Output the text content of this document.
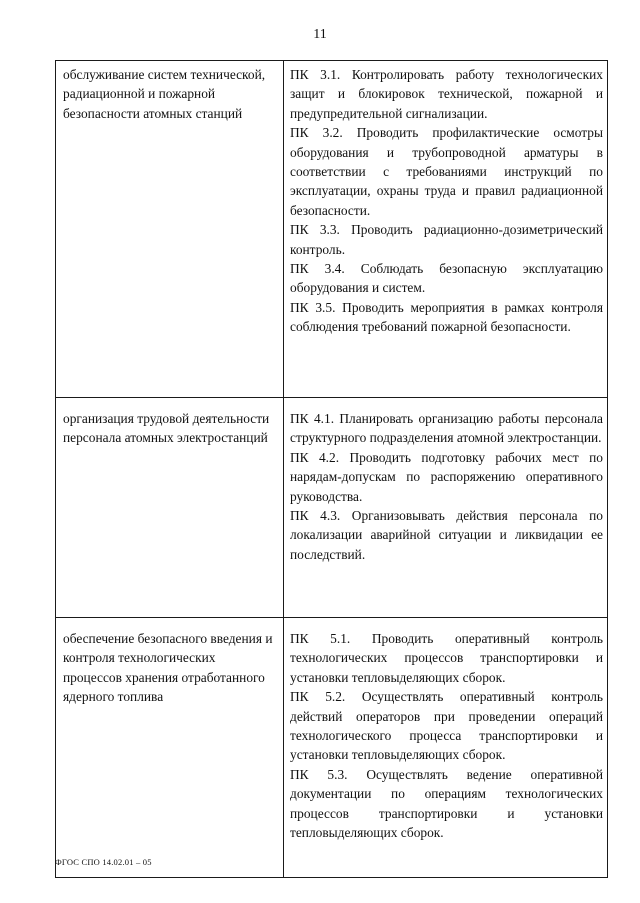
11
обслуживание систем технической, радиационной и пожарной безопасности атомных станций	ПК 3.1. Контролировать работу технологических защит и блокировок технической, пожарной и предупредительной сигнализации.

ПК 3.2. Проводить профилактические осмотры оборудования и трубопроводной арматуры в соответствии с требованиями инструкций по эксплуатации, охраны труда и правил радиационной безопасности.

ПК 3.3. Проводить радиационно-дозиметрический контроль.

ПК 3.4. Соблюдать безопасную эксплуатацию оборудования и систем.

ПК 3.5. Проводить мероприятия в рамках контроля соблюдения требований пожарной безопасности.

организация трудовой деятельности персонала атомных электростанций	ПК 4.1. Планировать организацию работы персонала структурного подразделения атомной электростанции.

ПК 4.2. Проводить подготовку рабочих мест по нарядам-допускам по распоряжению оперативного руководства.

ПК 4.3. Организовывать действия персонала по локализации аварийной ситуации и ликвидации ее последствий.

обеспечение безопасного введения и контроля технологических процессов хранения отработанного ядерного топлива	ПК 5.1. Проводить оперативный контроль технологических процессов транспортировки и установки тепловыделяющих сборок.

ПК 5.2. Осуществлять оперативный контроль действий операторов при проведении операций технологического процесса транспортировки и установки тепловыделяющих сборок.

ПК 5.3. Осуществлять ведение оперативной документации по операциям технологических процессов транспортировки и установки тепловыделяющих сборок.

ФГОС СПО 14.02.01 – 05
